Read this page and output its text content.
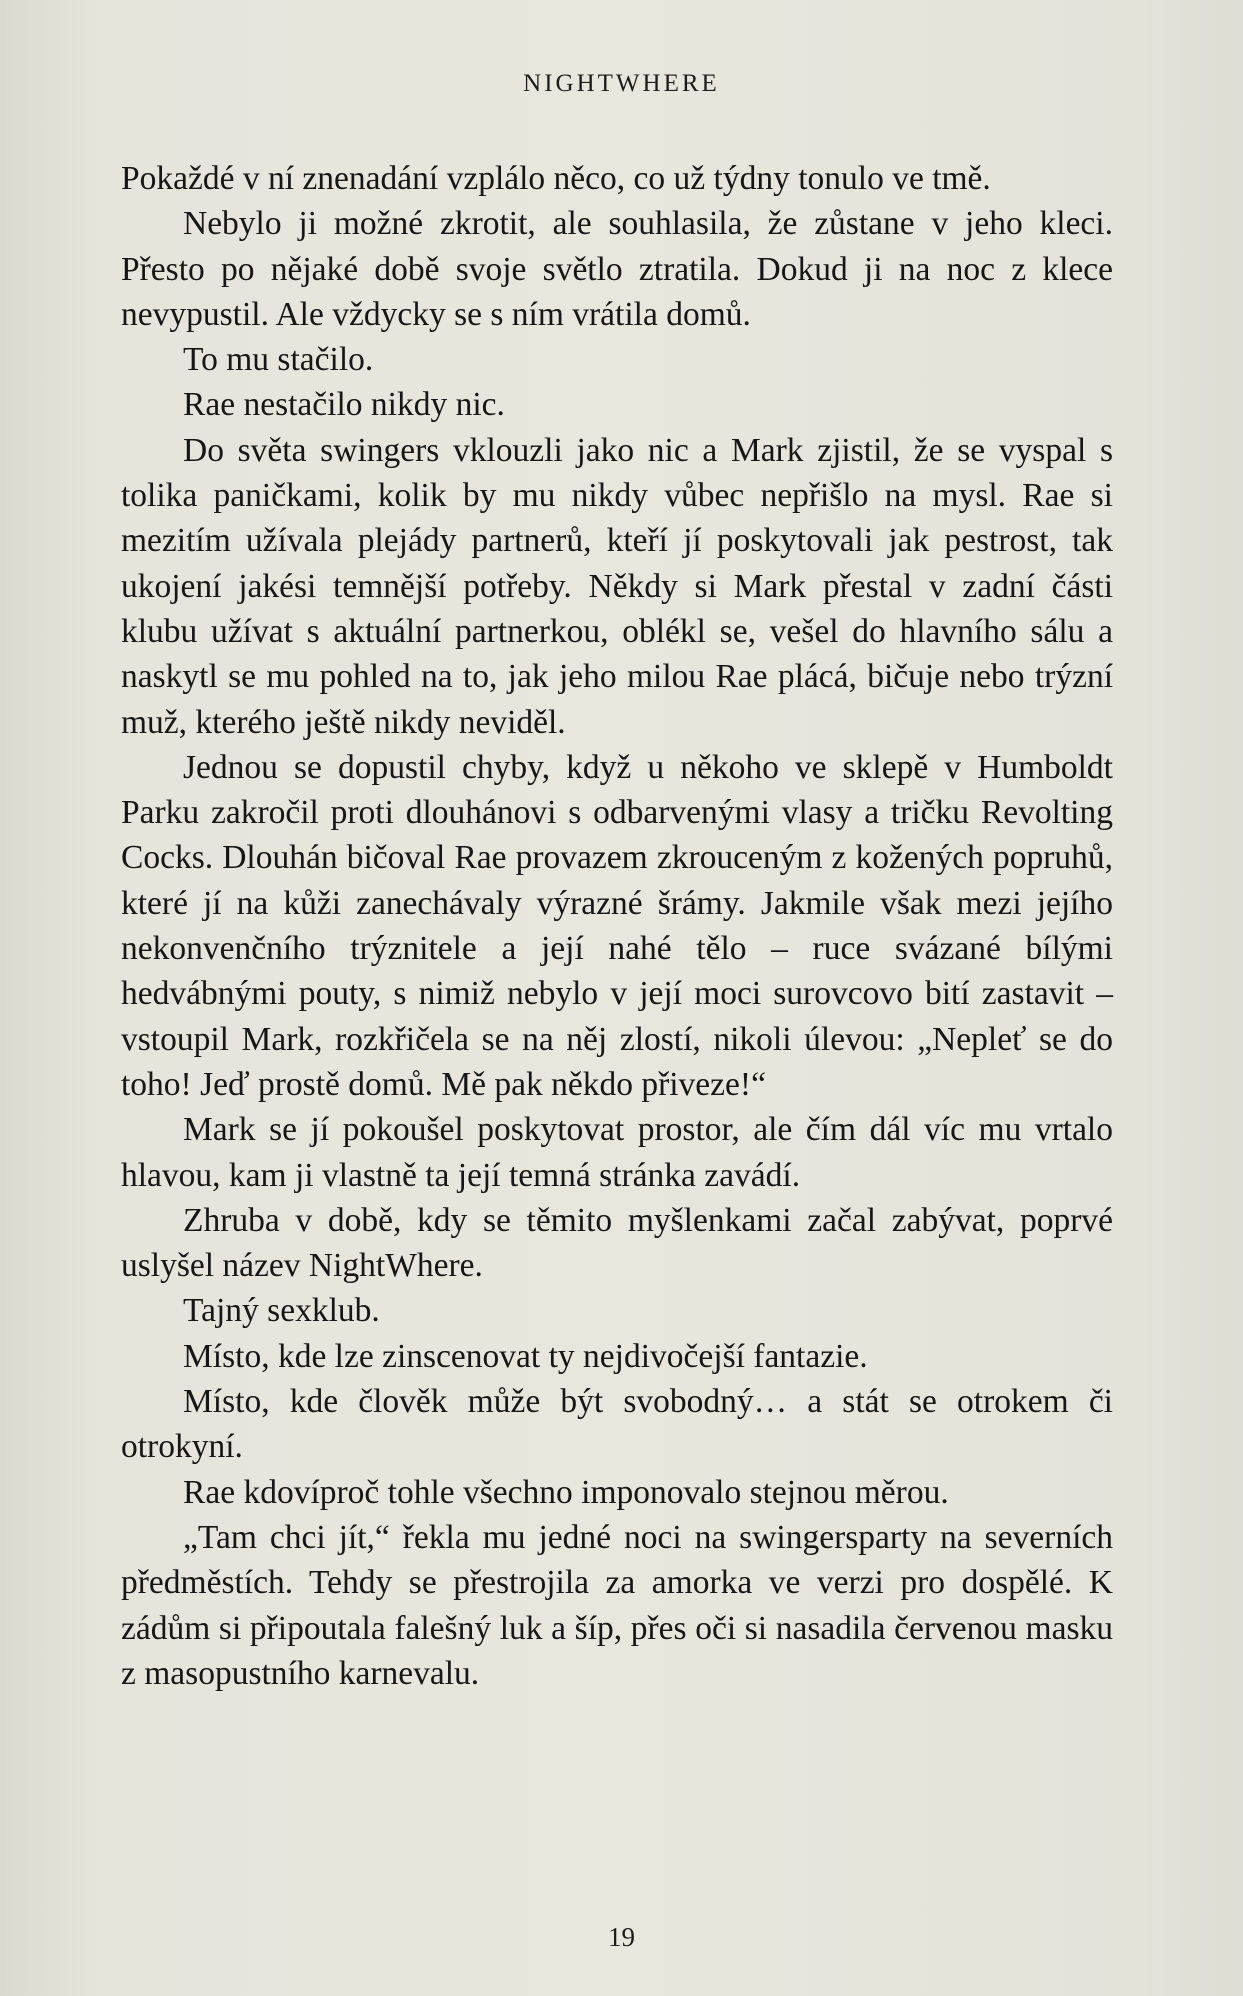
NIGHTWHERE

Pokaždé v ní znenadání vzplálo něco, co už týdny tonulo ve tmě.

Nebylo ji možné zkrotit, ale souhlasila, že zůstane v jeho kleci. Přesto po nějaké době svoje světlo ztratila. Dokud ji na noc z klece nevypustil. Ale vždycky se s ním vrátila domů.

To mu stačilo.

Rae nestačilo nikdy nic.

Do světa swingers vklouzli jako nic a Mark zjistil, že se vyspal s tolika paničkami, kolik by mu nikdy vůbec nepřišlo na mysl. Rae si mezitím užívala plejády partnerů, kteří jí poskytovali jak pestrost, tak ukojení jakési temnější potřeby. Někdy si Mark přestal v zadní části klubu užívat s aktuální partnerkou, oblékl se, vešel do hlavního sálu a naskytl se mu pohled na to, jak jeho milou Rae plácá, bičuje nebo trýzní muž, kterého ještě nikdy neviděl.

Jednou se dopustil chyby, když u někoho ve sklepě v Humboldt Parku zakročil proti dlouhánovi s odbarvenými vlasy a tričku Revolting Cocks. Dlouhán bičoval Rae provazem zkrouceným z kožených popruhů, které jí na kůži zanechávaly výrazné šrámy. Jakmile však mezi jejího nekonvenčního trýznitele a její nahé tělo – ruce svázané bílými hedvábnými pouty, s nimiž nebylo v její moci surovcovo bití zastavit – vstoupil Mark, rozkřičela se na něj zlostí, nikoli úlevou: „Nepleť se do toho! Jeď prostě domů. Mě pak někdo přiveze!“

Mark se jí pokoušel poskytovat prostor, ale čím dál víc mu vrtalo hlavou, kam ji vlastně ta její temná stránka zavádí.

Zhruba v době, kdy se těmito myšlenkami začal zabývat, poprvé uslyšel název NightWhere.

Tajný sexklub.

Místo, kde lze zinscenovat ty nejdivočejší fantazie.

Místo, kde člověk může být svobodný… a stát se otrokem či otrokyní.

Rae kdovíproč tohle všechno imponovalo stejnou měrou.

„Tam chci jít,“ řekla mu jedné noci na swingersparty na severních předměstích. Tehdy se přestrojila za amorka ve verzi pro dospělé. K zádům si připoutala falešný luk a šíp, přes oči si nasadila červenou masku z masopustního karnevalu.

19
